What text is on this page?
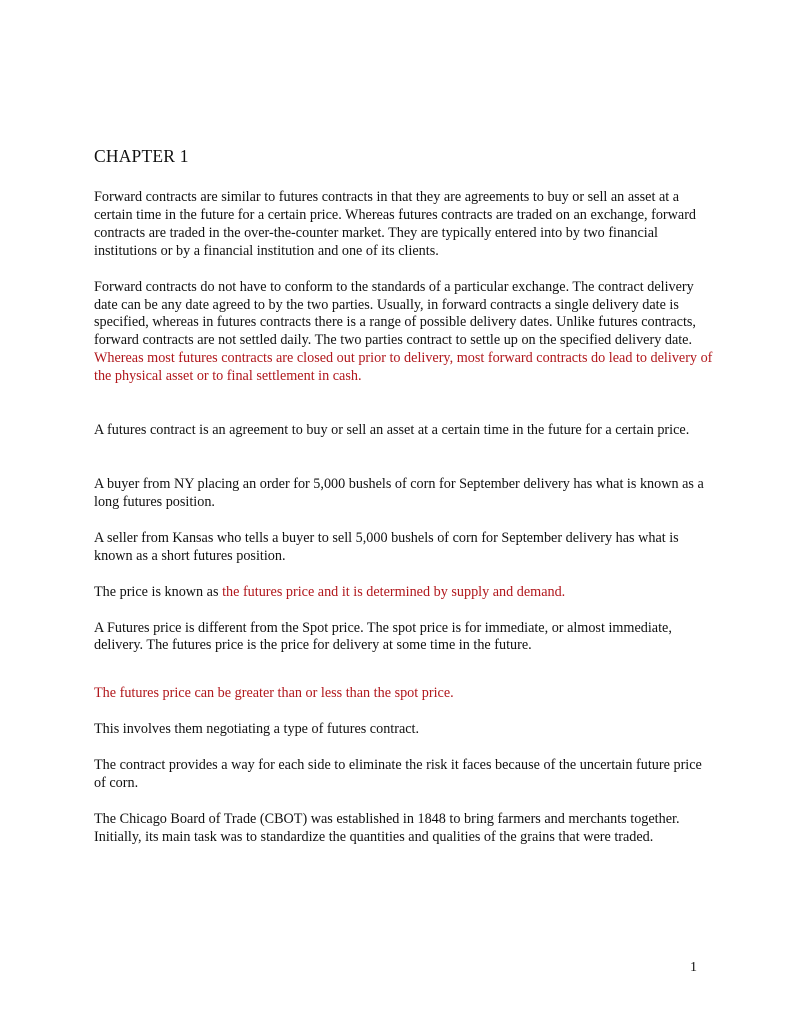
CHAPTER 1

Forward contracts are similar to futures contracts in that they are agreements to buy or sell an asset at a certain time in the future for a certain price. Whereas futures contracts are traded on an exchange, forward contracts are traded in the over-the-counter market. They are typically entered into by two financial institutions or by a financial institution and one of its clients.

Forward contracts do not have to conform to the standards of a particular exchange. The contract delivery date can be any date agreed to by the two parties. Usually, in forward contracts a single delivery date is specified, whereas in futures contracts there is a range of possible delivery dates. Unlike futures contracts, forward contracts are not settled daily. The two parties contract to settle up on the specified delivery date. Whereas most futures contracts are closed out prior to delivery, most forward contracts do lead to delivery of the physical asset or to final settlement in cash.

A futures contract is an agreement to buy or sell an asset at a certain time in the future for a certain price.

A buyer from NY placing an order for 5,000 bushels of corn for September delivery has what is known as a long futures position.

A seller from Kansas who tells a buyer to sell 5,000 bushels of corn for September delivery has what is known as a short futures position.

The price is known as the futures price and it is determined by supply and demand.

A Futures price is different from the Spot price. The spot price is for immediate, or almost immediate, delivery. The futures price is the price for delivery at some time in the future.

The futures price can be greater than or less than the spot price.

This involves them negotiating a type of futures contract.

The contract provides a way for each side to eliminate the risk it faces because of the uncertain future price of corn.

The Chicago Board of Trade (CBOT) was established in 1848 to bring farmers and merchants together. Initially, its main task was to standardize the quantities and qualities of the grains that were traded.

1
